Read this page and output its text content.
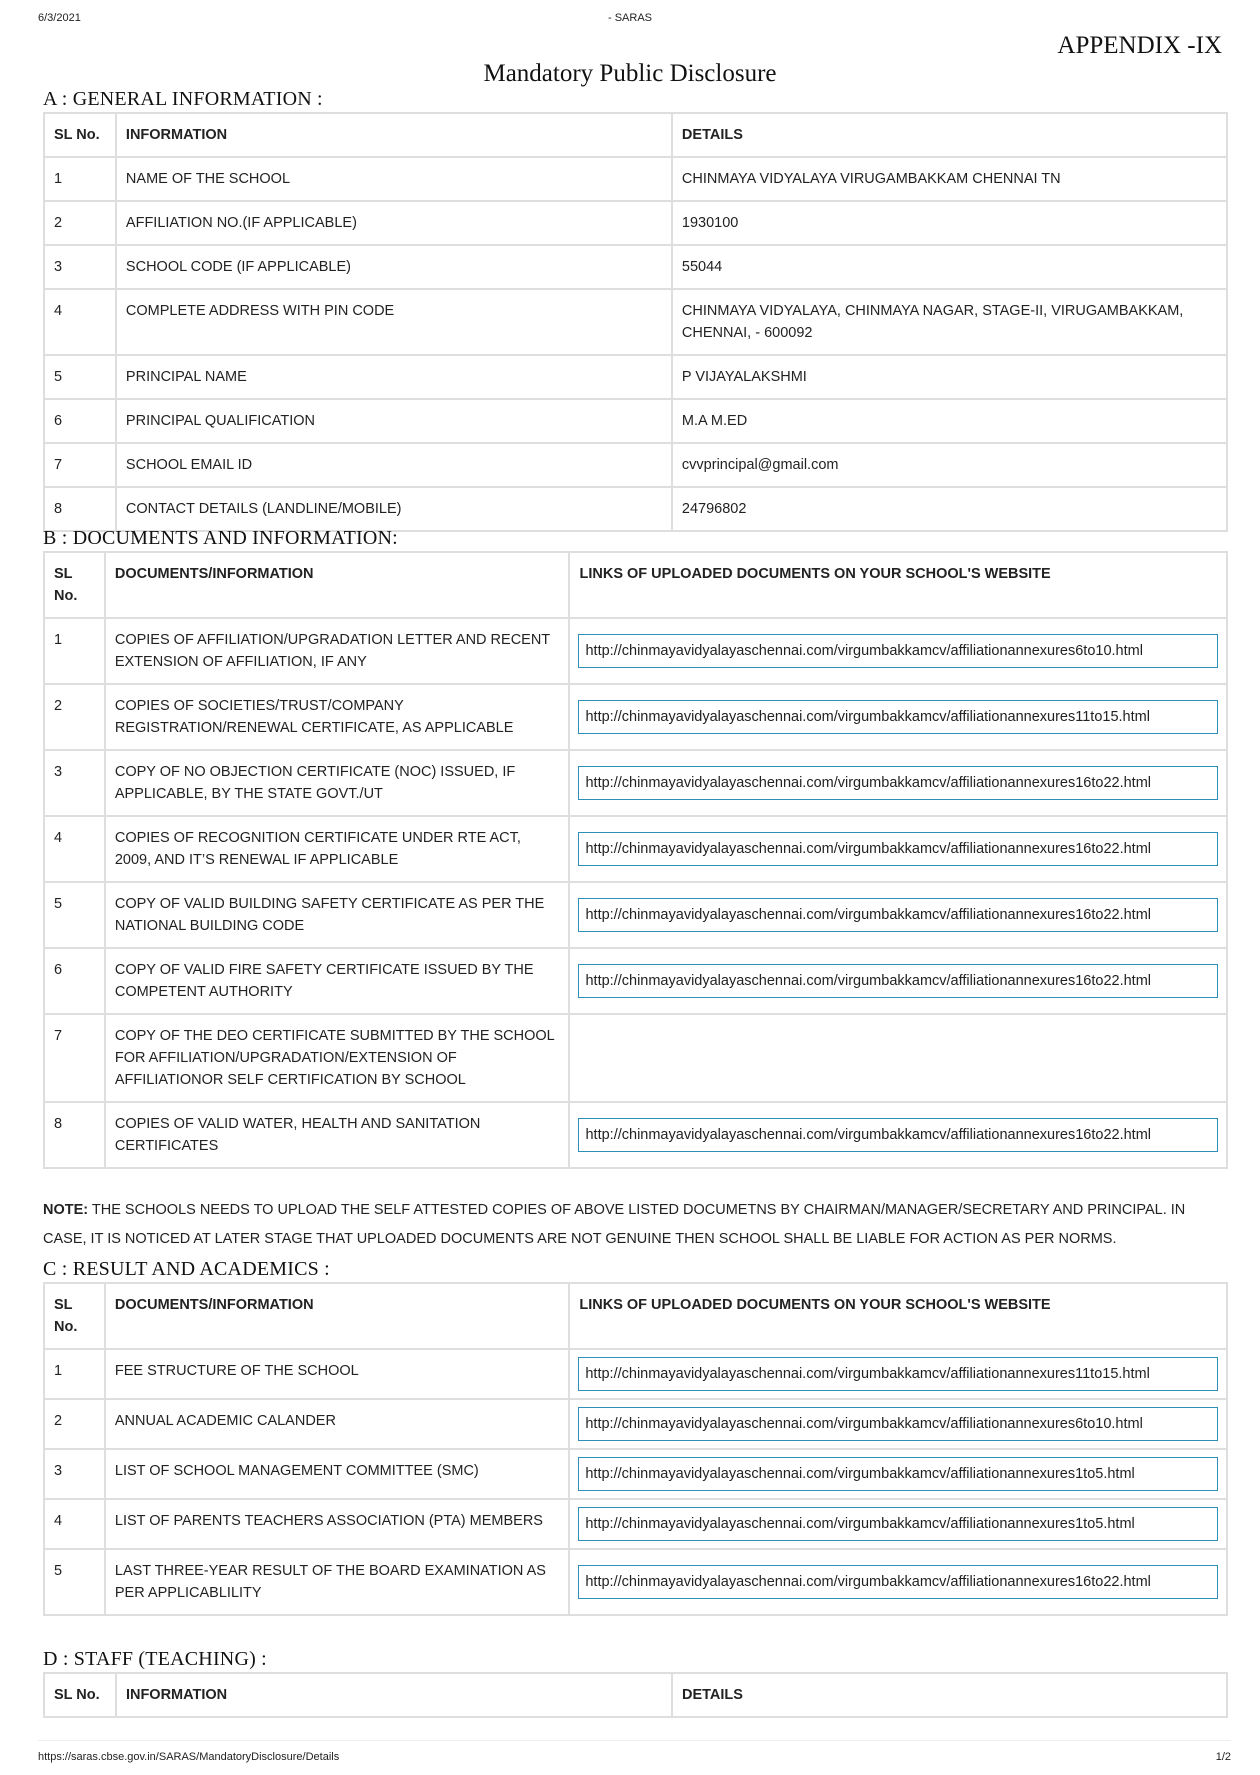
6/3/2021	- SARAS
APPENDIX -IX
Mandatory Public Disclosure
A : GENERAL INFORMATION :
SL No.	INFORMATION	DETAILS
1	NAME OF THE SCHOOL	CHINMAYA VIDYALAYA VIRUGAMBAKKAM CHENNAI TN
2	AFFILIATION NO.(IF APPLICABLE)	1930100
3	SCHOOL CODE (IF APPLICABLE)	55044
4	COMPLETE ADDRESS WITH PIN CODE	CHINMAYA VIDYALAYA, CHINMAYA NAGAR, STAGE-II, VIRUGAMBAKKAM, CHENNAI, - 600092
5	PRINCIPAL NAME	P VIJAYALAKSHMI
6	PRINCIPAL QUALIFICATION	M.A M.ED
7	SCHOOL EMAIL ID	cvvprincipal@gmail.com
8	CONTACT DETAILS (LANDLINE/MOBILE)	24796802
B : DOCUMENTS AND INFORMATION:
SL No.	DOCUMENTS/INFORMATION	LINKS OF UPLOADED DOCUMENTS ON YOUR SCHOOL'S WEBSITE
1	COPIES OF AFFILIATION/UPGRADATION LETTER AND RECENT EXTENSION OF AFFILIATION, IF ANY	http://chinmayavidyalayaschennai.com/virgumbakkamcv/affiliationannexures6to10.html

2	COPIES OF SOCIETIES/TRUST/COMPANY REGISTRATION/RENEWAL CERTIFICATE, AS APPLICABLE	http://chinmayavidyalayaschennai.com/virgumbakkamcv/affiliationannexures11to15.html

3	COPY OF NO OBJECTION CERTIFICATE (NOC) ISSUED, IF APPLICABLE, BY THE STATE GOVT./UT	http://chinmayavidyalayaschennai.com/virgumbakkamcv/affiliationannexures16to22.html

4	COPIES OF RECOGNITION CERTIFICATE UNDER RTE ACT, 2009, AND IT’S RENEWAL IF APPLICABLE	http://chinmayavidyalayaschennai.com/virgumbakkamcv/affiliationannexures16to22.html

5	COPY OF VALID BUILDING SAFETY CERTIFICATE AS PER THE NATIONAL BUILDING CODE	http://chinmayavidyalayaschennai.com/virgumbakkamcv/affiliationannexures16to22.html

6	COPY OF VALID FIRE SAFETY CERTIFICATE ISSUED BY THE COMPETENT AUTHORITY	http://chinmayavidyalayaschennai.com/virgumbakkamcv/affiliationannexures16to22.html

7	COPY OF THE DEO CERTIFICATE SUBMITTED BY THE SCHOOL FOR AFFILIATION/UPGRADATION/EXTENSION OF AFFILIATIONOR SELF CERTIFICATION BY SCHOOL	
8	COPIES OF VALID WATER, HEALTH AND SANITATION CERTIFICATES	http://chinmayavidyalayaschennai.com/virgumbakkamcv/affiliationannexures16to22.html
NOTE: THE SCHOOLS NEEDS TO UPLOAD THE SELF ATTESTED COPIES OF ABOVE LISTED DOCUMETNS BY CHAIRMAN/MANAGER/SECRETARY AND PRINCIPAL. IN CASE, IT IS NOTICED AT LATER STAGE THAT UPLOADED DOCUMENTS ARE NOT GENUINE THEN SCHOOL SHALL BE LIABLE FOR ACTION AS PER NORMS.
C : RESULT AND ACADEMICS :
SL No.	DOCUMENTS/INFORMATION	LINKS OF UPLOADED DOCUMENTS ON YOUR SCHOOL'S WEBSITE
1	FEE STRUCTURE OF THE SCHOOL	http://chinmayavidyalayaschennai.com/virgumbakkamcv/affiliationannexures11to15.html

2	ANNUAL ACADEMIC CALANDER	http://chinmayavidyalayaschennai.com/virgumbakkamcv/affiliationannexures6to10.html

3	LIST OF SCHOOL MANAGEMENT COMMITTEE (SMC)	http://chinmayavidyalayaschennai.com/virgumbakkamcv/affiliationannexures1to5.html

4	LIST OF PARENTS TEACHERS ASSOCIATION (PTA) MEMBERS	http://chinmayavidyalayaschennai.com/virgumbakkamcv/affiliationannexures1to5.html

5	LAST THREE-YEAR RESULT OF THE BOARD EXAMINATION AS PER APPLICABLILITY	http://chinmayavidyalayaschennai.com/virgumbakkamcv/affiliationannexures16to22.html
D : STAFF (TEACHING) :
SL No.	INFORMATION	DETAILS
https://saras.cbse.gov.in/SARAS/MandatoryDisclosure/Details	1/2
